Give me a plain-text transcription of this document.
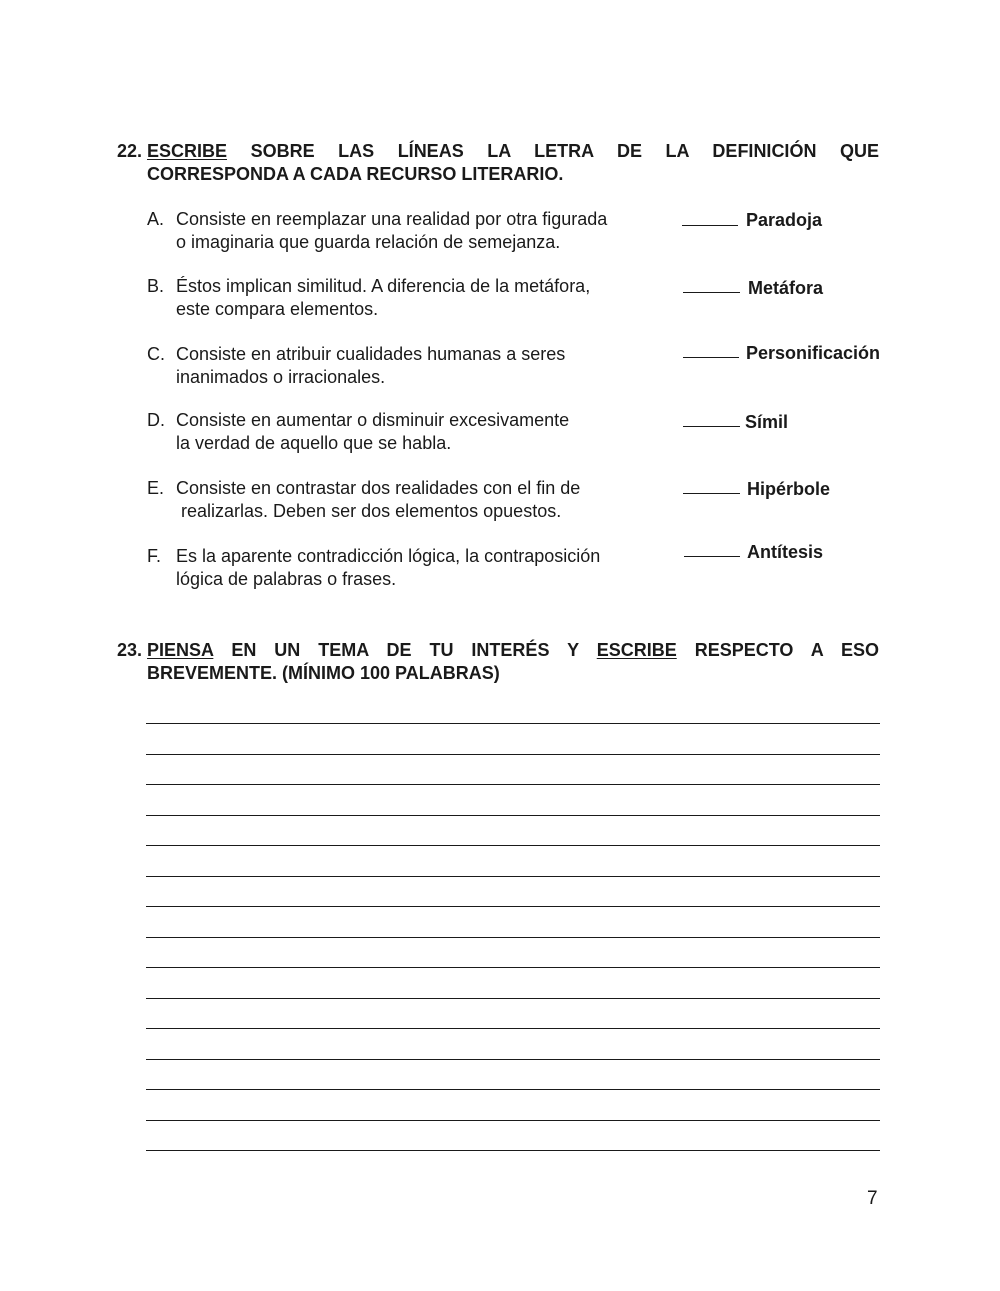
22. ESCRIBE SOBRE LAS LÍNEAS LA LETRA DE LA DEFINICIÓN QUE
CORRESPONDA A CADA RECURSO LITERARIO.
A. Consiste en reemplazar una realidad por otra figurada
o imaginaria que guarda relación de semejanza.
B. Éstos implican similitud. A diferencia de la metáfora,
este compara elementos.
C. Consiste en atribuir cualidades humanas a seres
inanimados o irracionales.
D. Consiste en aumentar o disminuir excesivamente
la verdad de aquello que se habla.
E. Consiste en contrastar dos realidades con el fin de
realizarlas. Deben ser dos elementos opuestos.
F. Es la aparente contradicción lógica, la contraposición
lógica de palabras o frases.
Paradoja
Metáfora
Personificación
Símil
Hipérbole
Antítesis
23. PIENSA EN UN TEMA DE TU INTERÉS Y ESCRIBE RESPECTO A ESO
BREVEMENTE. (MÍNIMO 100 PALABRAS)
7
